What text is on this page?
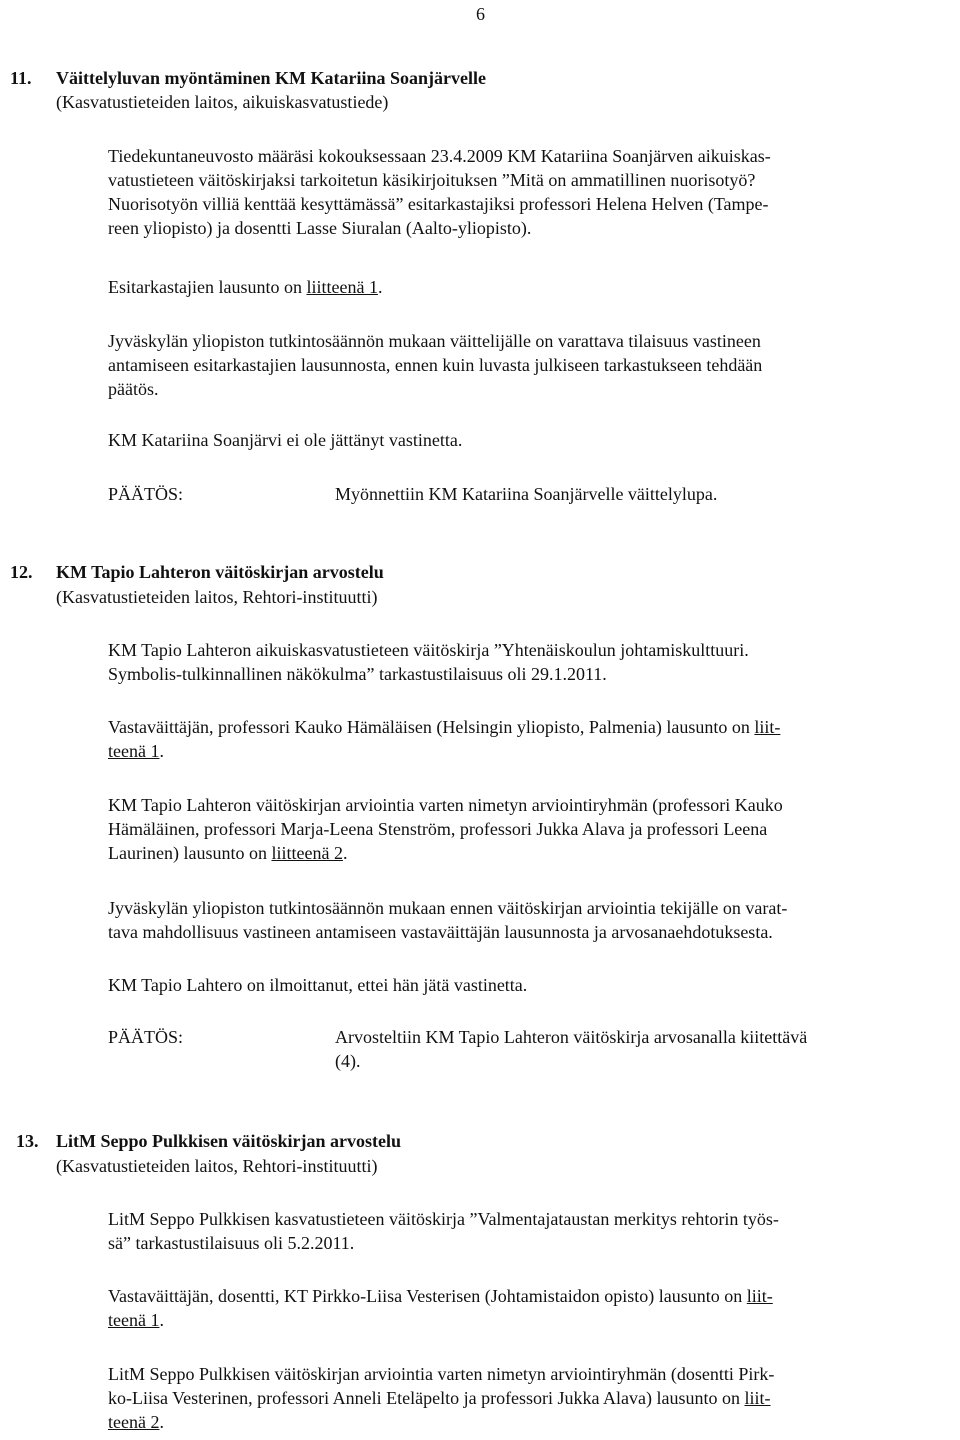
6
11. Väittelyluvan myöntäminen KM Katariina Soanjärvelle
(Kasvatustieteiden laitos, aikuiskasvatustiede)

Tiedekuntaneuvosto määräsi kokouksessaan 23.4.2009 KM Katariina Soanjärven aikuiskas-
vatustieteen väitöskirjaksi tarkoitetun käsikirjoituksen ”Mitä on ammatillinen nuorisotyö?
Nuorisotyön villiä kenttää kesyttämässä” esitarkastajiksi professori Helena Helven (Tampe-
reen yliopisto) ja dosentti Lasse Siuralan (Aalto-yliopisto).

Esitarkastajien lausunto on liitteenä 1.

Jyväskylän yliopiston tutkintosäännön mukaan väittelijälle on varattava tilaisuus vastineen
antamiseen esitarkastajien lausunnosta, ennen kuin luvasta julkiseen tarkastukseen tehdään
päätös.

KM Katariina Soanjärvi ei ole jättänyt vastinetta.

PÄÄTÖS:	Myönnettiin KM Katariina Soanjärvelle väittelylupa.

12. KM Tapio Lahteron väitöskirjan arvostelu
(Kasvatustieteiden laitos, Rehtori-instituutti)

KM Tapio Lahteron aikuiskasvatustieteen väitöskirja ”Yhtenäiskoulun johtamiskulttuuri.
Symbolis-tulkinnallinen näkökulma” tarkastustilaisuus oli 29.1.2011.

Vastaväittäjän, professori Kauko Hämäläisen (Helsingin yliopisto, Palmenia) lausunto on liit-
teenä 1.

KM Tapio Lahteron väitöskirjan arviointia varten nimetyn arviointiryhmän (professori Kauko
Hämäläinen, professori Marja-Leena Stenström, professori Jukka Alava ja professori Leena
Laurinen) lausunto on liitteenä 2.

Jyväskylän yliopiston tutkintosäännön mukaan ennen väitöskirjan arviointia tekijälle on varat-
tava mahdollisuus vastineen antamiseen vastaväittäjän lausunnosta ja arvosanaehdotuksesta.

KM Tapio Lahtero on ilmoittanut, ettei hän jätä vastinetta.

PÄÄTÖS:	Arvosteltiin KM Tapio Lahteron väitöskirja arvosanalla kiitettävä
(4).

13. LitM Seppo Pulkkisen väitöskirjan arvostelu
(Kasvatustieteiden laitos, Rehtori-instituutti)

LitM Seppo Pulkkisen kasvatustieteen väitöskirja ”Valmentajataustan merkitys rehtorin työs-
sä” tarkastustilaisuus oli 5.2.2011.

Vastaväittäjän, dosentti, KT Pirkko-Liisa Vesterisen (Johtamistaidon opisto) lausunto on liit-
teenä 1.

LitM Seppo Pulkkisen väitöskirjan arviointia varten nimetyn arviointiryhmän (dosentti Pirk-
ko-Liisa Vesterinen, professori Anneli Eteläpelto ja professori Jukka Alava) lausunto on liit-
teenä 2.
